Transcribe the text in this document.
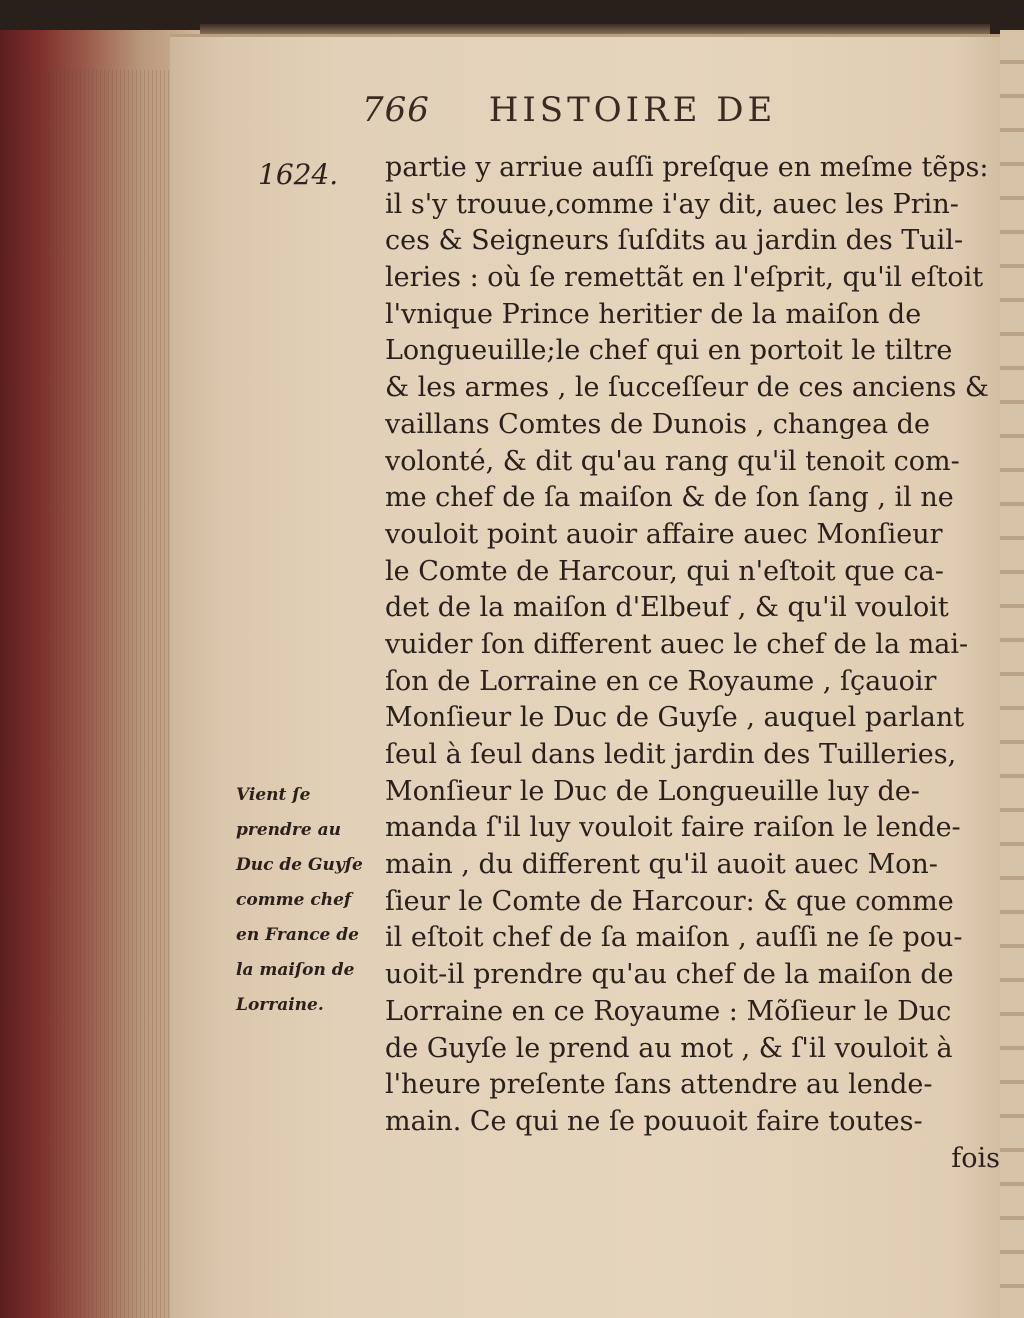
766 HISTOIRE DE
1624. partie y arriue auſſi preſque en meſme tẽps:
il s'y trouue,comme i'ay dit, auec les Prin-
ces & Seigneurs ſuſdits au jardin des Tuil-
leries : où ſe remettãt en l'eſprit, qu'il eſtoit
l'vnique Prince heritier de la maiſon de
Longueuille;le chef qui en portoit le tiltre
& les armes , le ſucceſſeur de ces anciens &
vaillans Comtes de Dunois , changea de
volonté, & dit qu'au rang qu'il tenoit com-
me chef de ſa maiſon & de ſon ſang , il ne
vouloit point auoir affaire auec Monſieur
le Comte de Harcour, qui n'eſtoit que ca-
det de la maiſon d'Elbeuf , & qu'il vouloit
vuider ſon different auec le chef de la mai-
ſon de Lorraine en ce Royaume , ſçauoir
Monſieur le Duc de Guyſe , auquel parlant
ſeul à ſeul dans ledit jardin des Tuilleries,
Monſieur le Duc de Longueuille luy de-
manda ſ'il luy vouloit faire raiſon le lende-
main , du different qu'il auoit auec Mon-
ſieur le Comte de Harcour: & que comme
il eſtoit chef de ſa maiſon , auſſi ne ſe pou-
uoit-il prendre qu'au chef de la maiſon de
Lorraine en ce Royaume : Mõſieur le Duc
de Guyſe le prend au mot , & ſ'il vouloit à
l'heure preſente ſans attendre au lende-
main. Ce qui ne ſe pouuoit faire toutes-
fois
Vient ſe
prendre au
Duc de Guyſe
comme chef
en France de
la maiſon de
Lorraine.
